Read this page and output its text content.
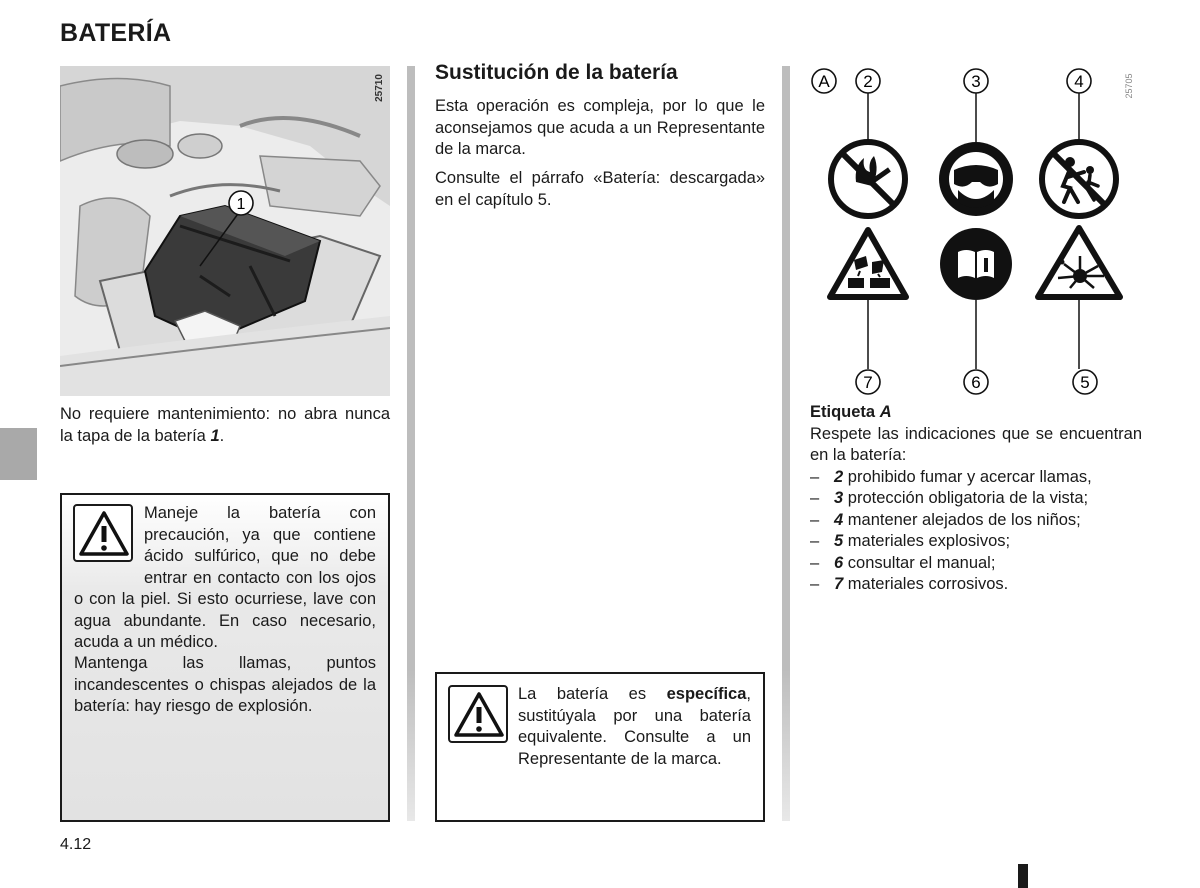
BATERÍA
1
25710

No requiere mantenimiento: no abra nunca la tapa de la batería 1.

Maneje la batería con precaución, ya que contiene ácido sulfúrico, que no debe entrar en contacto con los ojos o con la piel. Si esto ocurriese, lave con agua abundante. En caso necesario, acuda a un médico.

Mantenga las llamas, puntos incandescentes o chispas alejados de la batería: hay riesgo de explosión.

Sustitución de la batería

Esta operación es compleja, por lo que le aconsejamos que acuda a un Representante de la marca.

Consulte el párrafo «Batería: descargada» en el capítulo 5.

La batería es específica, sustitúyala por una batería equivalente. Consulte a un Representante de la marca.

25705
A 2	3	4
7	6	5

Etiqueta A

Respete las indicaciones que se encuentran en la batería:

– 2 prohibido fumar y acercar llamas,
– 3 protección obligatoria de la vista;
– 4 mantener alejados de los niños;
– 5 materiales explosivos;
– 6 consultar el manual;
– 7 materiales corrosivos.
4.12
